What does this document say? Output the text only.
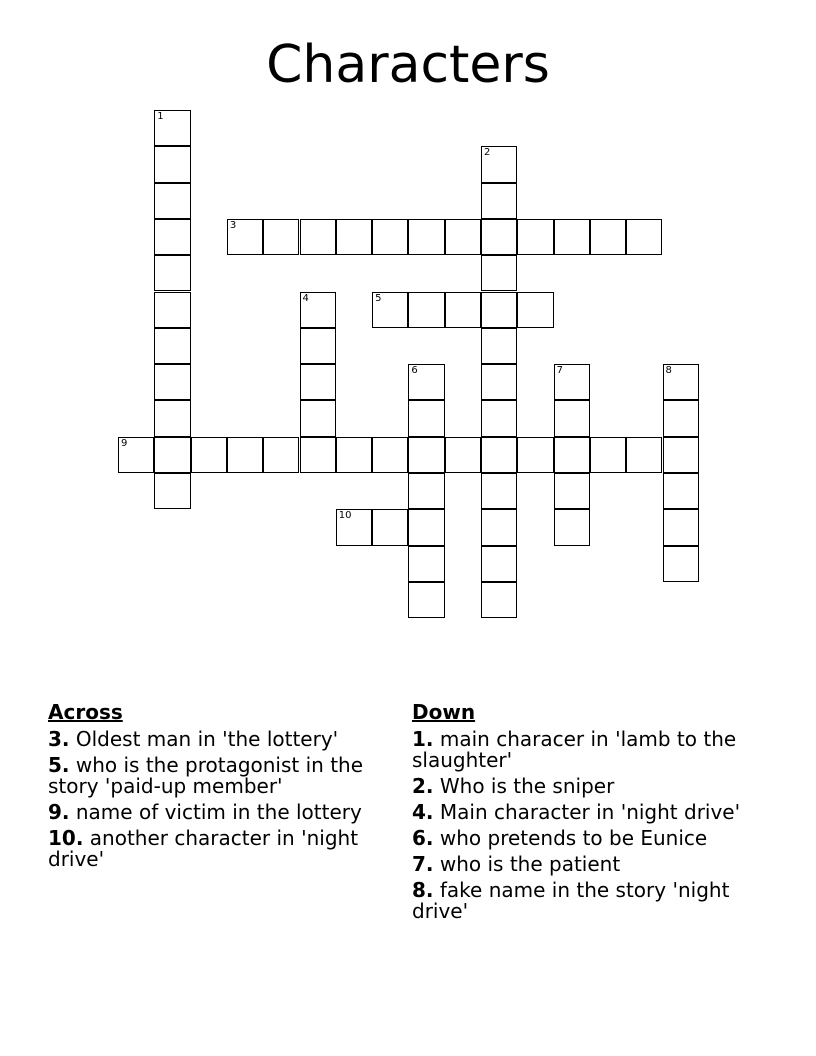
Characters
1
2
3
4	5
6	7	8
9
10
Across
3. Oldest man in 'the lottery'
5. who is the protagonist in the story 'paid-up member'
9. name of victim in the lottery
10. another character in 'night drive'
Down
1. main characer in 'lamb to the slaughter'
2. Who is the sniper
4. Main character in 'night drive'
6. who pretends to be Eunice
7. who is the patient
8. fake name in the story 'night drive'
